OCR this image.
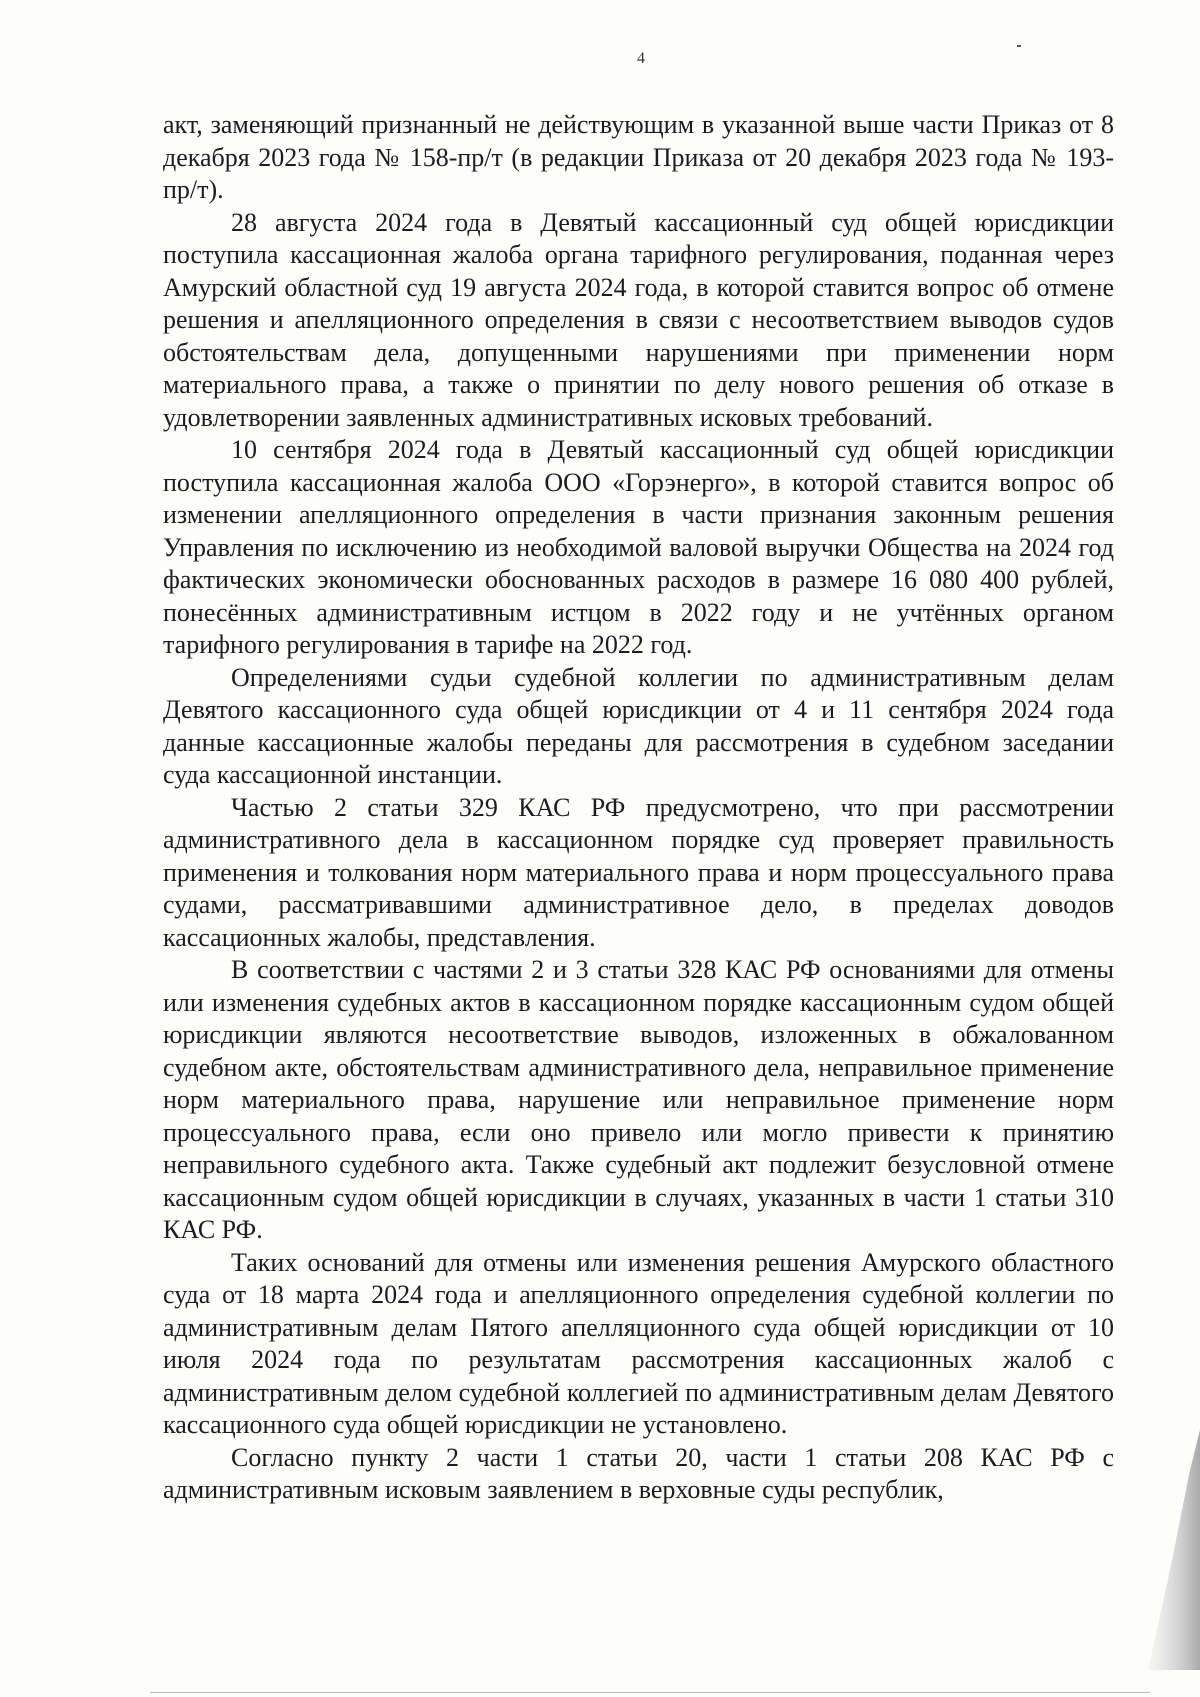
4

акт, заменяющий признанный не действующим в указанной выше части Приказ от 8 декабря 2023 года № 158-пр/т (в редакции Приказа от 20 декабря 2023 года № 193-пр/т).

28 августа 2024 года в Девятый кассационный суд общей юрисдикции поступила кассационная жалоба органа тарифного регулирования, поданная через Амурский областной суд 19 августа 2024 года, в которой ставится вопрос об отмене решения и апелляционного определения в связи с несоответствием выводов судов обстоятельствам дела, допущенными нарушениями при применении норм материального права, а также о принятии по делу нового решения об отказе в удовлетворении заявленных административных исковых требований.

10 сентября 2024 года в Девятый кассационный суд общей юрисдикции поступила кассационная жалоба ООО «Горэнерго», в которой ставится вопрос об изменении апелляционного определения в части признания законным решения Управления по исключению из необходимой валовой выручки Общества на 2024 год фактических экономически обоснованных расходов в размере 16 080 400 рублей, понесённых административным истцом в 2022 году и не учтённых органом тарифного регулирования в тарифе на 2022 год.

Определениями судьи судебной коллегии по административным делам Девятого кассационного суда общей юрисдикции от 4 и 11 сентября 2024 года данные кассационные жалобы переданы для рассмотрения в судебном заседании суда кассационной инстанции.

Частью 2 статьи 329 КАС РФ предусмотрено, что при рассмотрении административного дела в кассационном порядке суд проверяет правильность применения и толкования норм материального права и норм процессуального права судами, рассматривавшими административное дело, в пределах доводов кассационных жалобы, представления.

В соответствии с частями 2 и 3 статьи 328 КАС РФ основаниями для отмены или изменения судебных актов в кассационном порядке кассационным судом общей юрисдикции являются несоответствие выводов, изложенных в обжалованном судебном акте, обстоятельствам административного дела, неправильное применение норм материального права, нарушение или неправильное применение норм процессуального права, если оно привело или могло привести к принятию неправильного судебного акта. Также судебный акт подлежит безусловной отмене кассационным судом общей юрисдикции в случаях, указанных в части 1 статьи 310 КАС РФ.

Таких оснований для отмены или изменения решения Амурского областного суда от 18 марта 2024 года и апелляционного определения судебной коллегии по административным делам Пятого апелляционного суда общей юрисдикции от 10 июля 2024 года по результатам рассмотрения кассационных жалоб с административным делом судебной коллегией по административным делам Девятого кассационного суда общей юрисдикции не установлено.

Согласно пункту 2 части 1 статьи 20, части 1 статьи 208 КАС РФ с административным исковым заявлением в верховные суды республик,
